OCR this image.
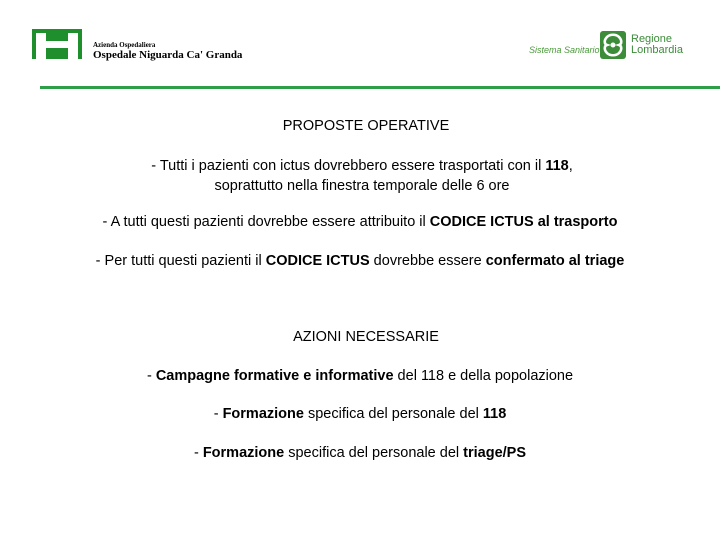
Azienda Ospedaliera
Ospedale Niguarda Ca' Granda	Sistema Sanitario
Regione
Lombardia
PROPOSTE OPERATIVE
- Tutti i pazienti con ictus dovrebbero essere trasportati con il 118,
soprattutto nella finestra temporale delle 6 ore
- A tutti questi pazienti dovrebbe essere attribuito il CODICE ICTUS al trasporto
- Per tutti questi pazienti il CODICE ICTUS dovrebbe essere confermato al triage
AZIONI NECESSARIE
- Campagne formative e informative del 118 e della popolazione
- Formazione specifica del personale del 118
- Formazione specifica del personale del triage/PS
